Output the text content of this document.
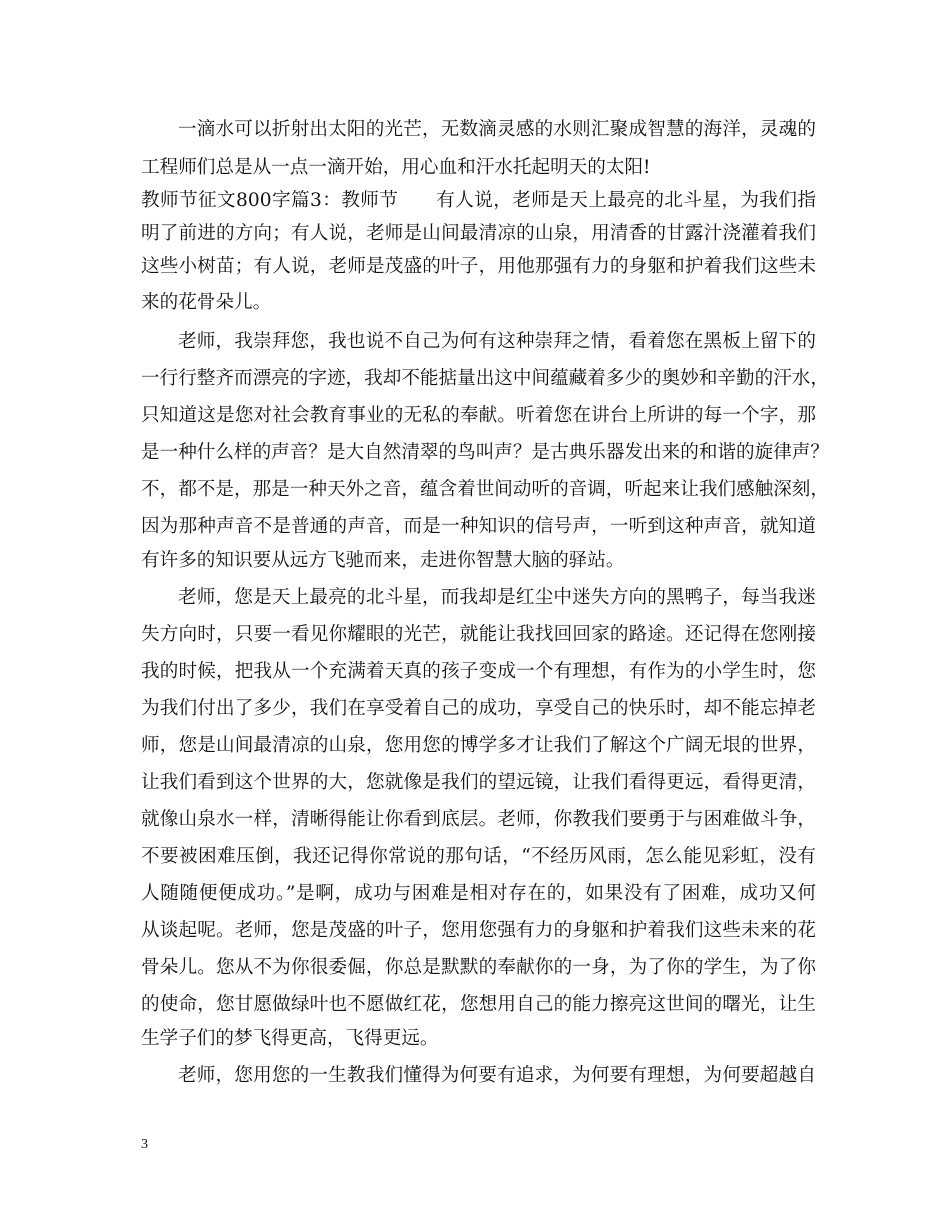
一滴水可以折射出太阳的光芒，无数滴灵感的水则汇聚成智慧的海洋，灵魂的
工程师们总是从一点一滴开始，用心血和汗水托起明天的太阳!
教师节征文800字篇3：教师节　　有人说，老师是天上最亮的北斗星，为我们指
明了前进的方向；有人说，老师是山间最清凉的山泉，用清香的甘露汁浇灌着我们
这些小树苗；有人说，老师是茂盛的叶子，用他那强有力的身躯和护着我们这些未
来的花骨朵儿。
老师，我崇拜您，我也说不自己为何有这种崇拜之情，看着您在黑板上留下的
一行行整齐而漂亮的字迹，我却不能掂量出这中间蕴藏着多少的奥妙和辛勤的汗水，
只知道这是您对社会教育事业的无私的奉献。听着您在讲台上所讲的每一个字，那
是一种什么样的声音？是大自然清翠的鸟叫声？是古典乐器发出来的和谐的旋律声？
不，都不是，那是一种天外之音，蕴含着世间动听的音调，听起来让我们感触深刻，
因为那种声音不是普通的声音，而是一种知识的信号声，一听到这种声音，就知道
有许多的知识要从远方飞驰而来，走进你智慧大脑的驿站。
老师，您是天上最亮的北斗星，而我却是红尘中迷失方向的黑鸭子，每当我迷
失方向时，只要一看见你耀眼的光芒，就能让我找回回家的路途。还记得在您刚接
我的时候，把我从一个充满着天真的孩子变成一个有理想，有作为的小学生时，您
为我们付出了多少，我们在享受着自己的成功，享受自己的快乐时，却不能忘掉老
师，您是山间最清凉的山泉，您用您的博学多才让我们了解这个广阔无垠的世界，
让我们看到这个世界的大，您就像是我们的望远镜，让我们看得更远，看得更清，
就像山泉水一样，清晰得能让你看到底层。老师，你教我们要勇于与困难做斗争，
不要被困难压倒，我还记得你常说的那句话，“不经历风雨，怎么能见彩虹，没有
人随随便便成功。”是啊，成功与困难是相对存在的，如果没有了困难，成功又何
从谈起呢。老师，您是茂盛的叶子，您用您强有力的身躯和护着我们这些未来的花
骨朵儿。您从不为你很委倔，你总是默默的奉献你的一身，为了你的学生，为了你
的使命，您甘愿做绿叶也不愿做红花，您想用自己的能力擦亮这世间的曙光，让生
生学子们的梦飞得更高，飞得更远。
老师，您用您的一生教我们懂得为何要有追求，为何要有理想，为何要超越自
3
